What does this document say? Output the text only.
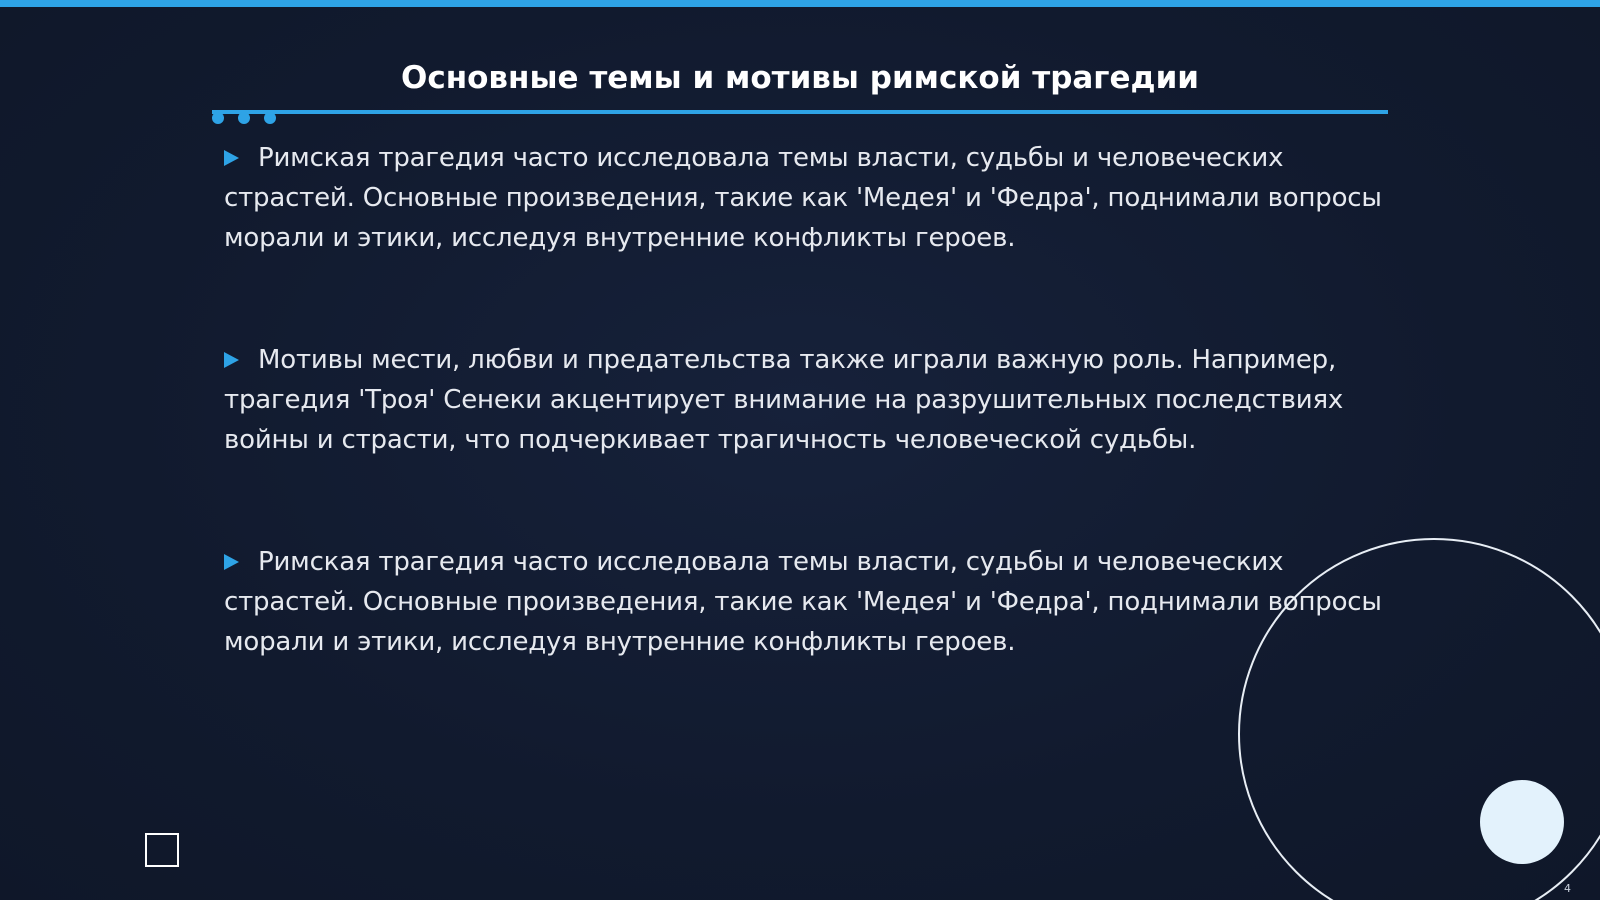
Основные темы и мотивы римской трагедии
Римская трагедия часто исследовала темы власти, судьбы и человеческих страстей. Основные произведения, такие как 'Медея' и 'Федра', поднимали вопросы морали и этики, исследуя внутренние конфликты героев.
Мотивы мести, любви и предательства также играли важную роль. Например, трагедия 'Троя' Сенеки акцентирует внимание на разрушительных последствиях войны и страсти, что подчеркивает трагичность человеческой судьбы.
Римская трагедия часто исследовала темы власти, судьбы и человеческих страстей. Основные произведения, такие как 'Медея' и 'Федра', поднимали вопросы морали и этики, исследуя внутренние конфликты героев.
4
